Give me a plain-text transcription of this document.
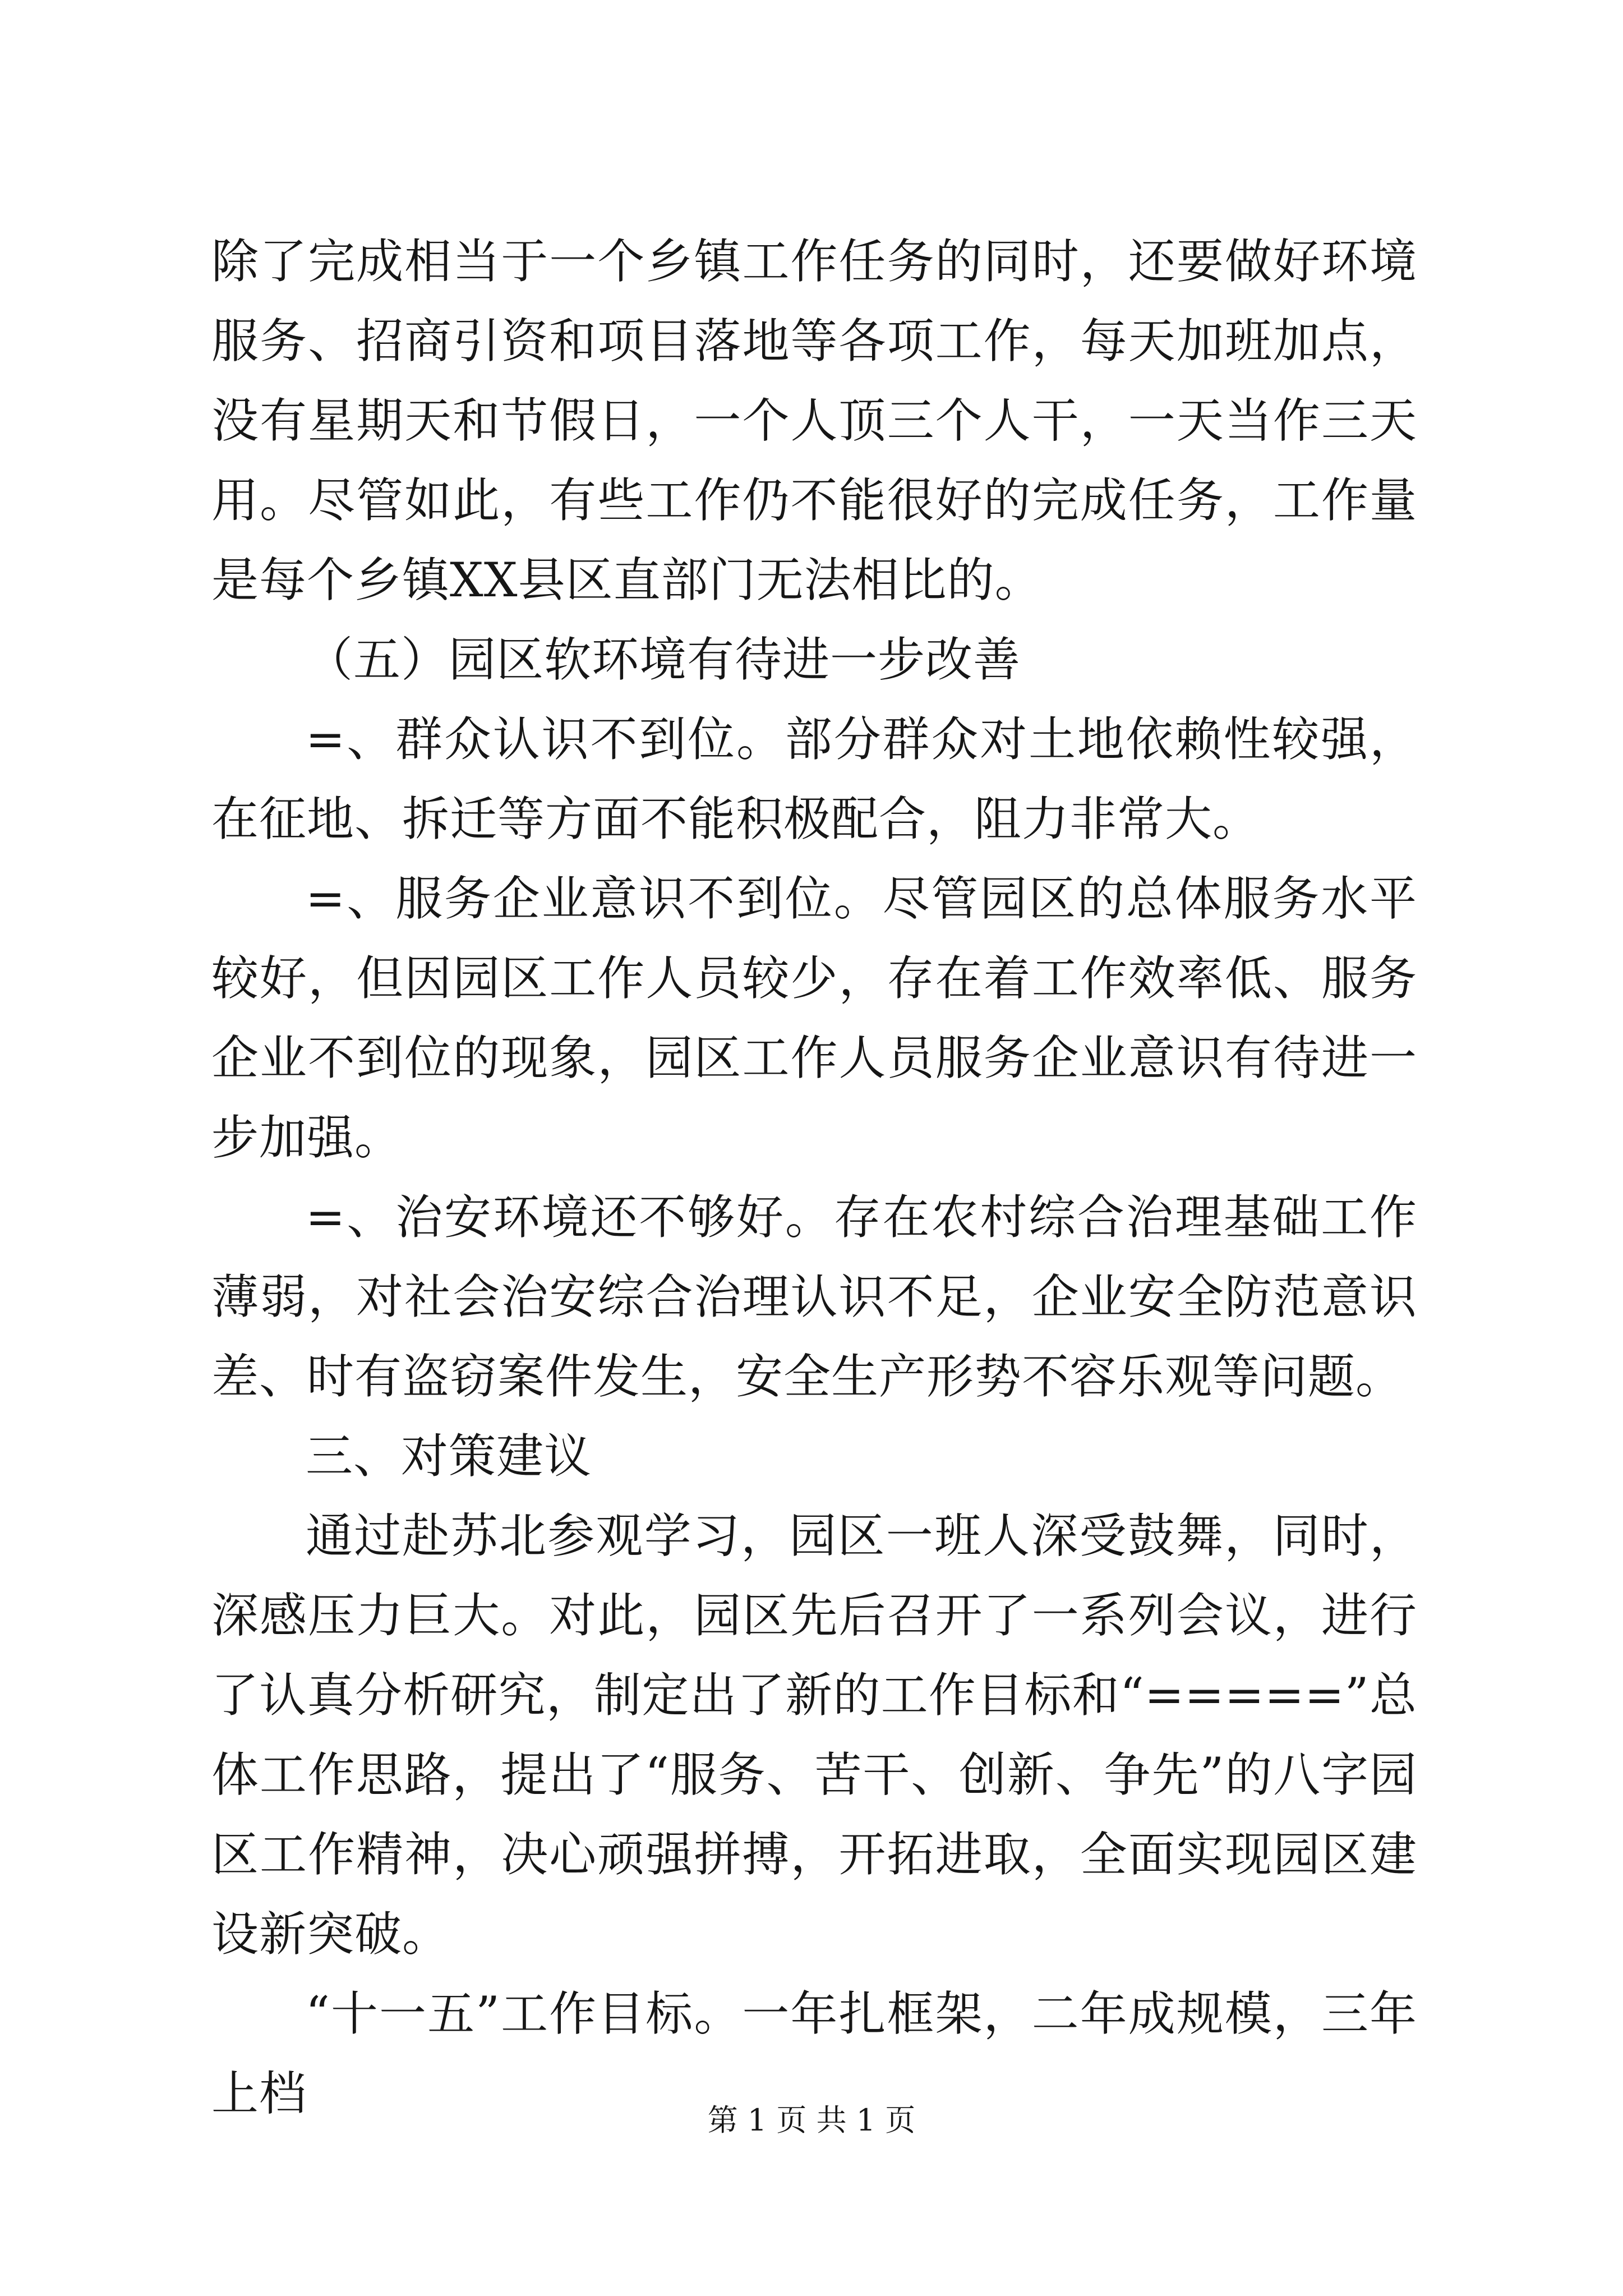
除了完成相当于一个乡镇工作任务的同时，还要做好环境服务、招商引资和项目落地等各项工作，每天加班加点，没有星期天和节假日，一个人顶三个人干，一天当作三天用。尽管如此，有些工作仍不能很好的完成任务，工作量是每个乡镇XX县区直部门无法相比的。

（五）园区软环境有待进一步改善

=、群众认识不到位。部分群众对土地依赖性较强，在征地、拆迁等方面不能积极配合，阻力非常大。

=、服务企业意识不到位。尽管园区的总体服务水平较好，但因园区工作人员较少，存在着工作效率低、服务企业不到位的现象，园区工作人员服务企业意识有待进一步加强。

=、治安环境还不够好。存在农村综合治理基础工作薄弱，对社会治安综合治理认识不足，企业安全防范意识差、时有盗窃案件发生，安全生产形势不容乐观等问题。

三、对策建议

通过赴苏北参观学习，园区一班人深受鼓舞，同时，深感压力巨大。对此，园区先后召开了一系列会议，进行了认真分析研究，制定出了新的工作目标和“=====”总体工作思路，提出了“服务、苦干、创新、争先”的八字园区工作精神，决心顽强拼搏，开拓进取，全面实现园区建设新突破。

“十一五”工作目标。一年扎框架，二年成规模，三年上档	第 1 页 共 1 页
